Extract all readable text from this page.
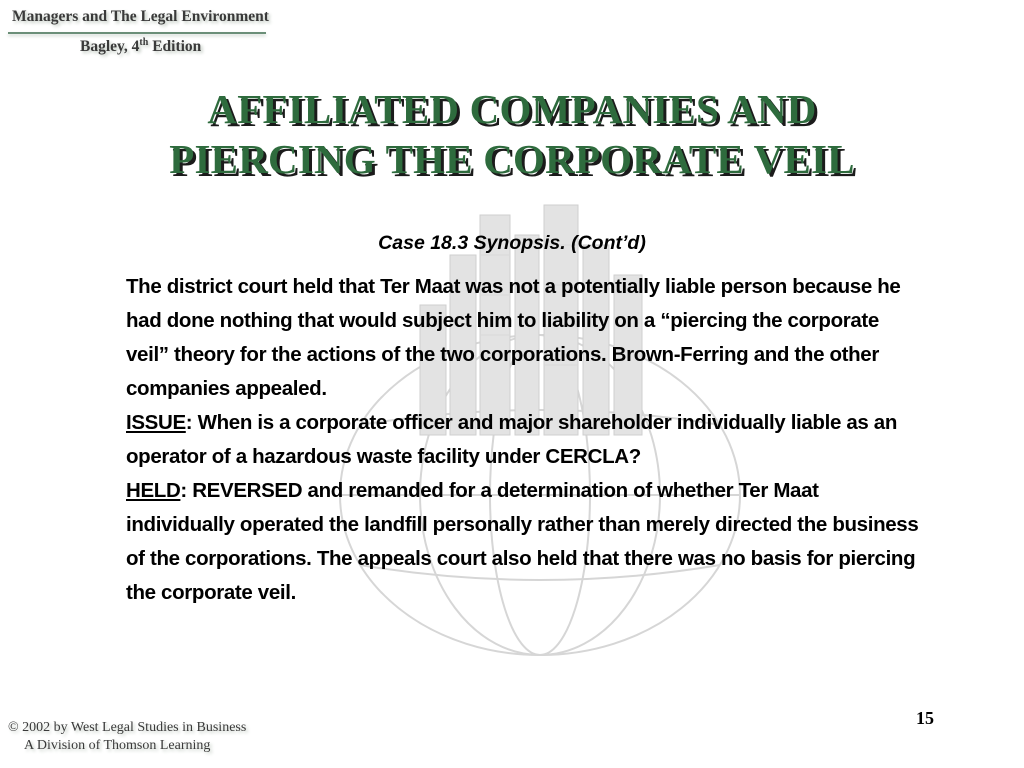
Managers and The Legal Environment
Bagley, 4th Edition
AFFILIATED COMPANIES AND
PIERCING THE CORPORATE VEIL
Case 18.3 Synopsis. (Cont’d)

The district court held that Ter Maat was not a potentially liable person because he had done nothing that would subject him to liability on a “piercing the corporate veil” theory for the actions of the two corporations. Brown-Ferring and the other companies appealed.

ISSUE: When is a corporate officer and major shareholder individually liable as an operator of a hazardous waste facility under CERCLA?

HELD: REVERSED and remanded for a determination of whether Ter Maat individually operated the landfill personally rather than merely directed the business of the corporations. The appeals court also held that there was no basis for piercing the corporate veil.

15
© 2002 by West Legal Studies in Business
A Division of Thomson Learning
